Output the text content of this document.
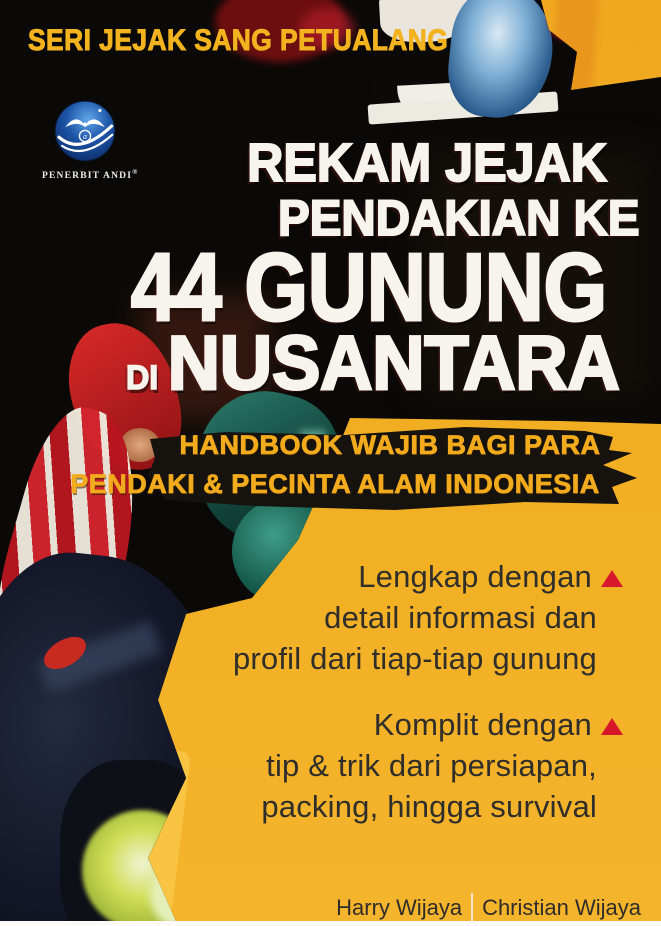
SERI JEJAK SANG PETUALANG
a
PENERBIT ANDI® REKAM JEJAK
PENDAKIAN KE
44 GUNUNG
DI NUSANTARA
HANDBOOK WAJIB BAGI PARA
PENDAKI & PECINTA ALAM INDONESIA
Lengkap dengan
detail informasi dan
profil dari tiap-tiap gunung
Komplit dengan
tip & trik dari persiapan,
packing, hingga survival
Harry Wijaya Christian Wijaya
